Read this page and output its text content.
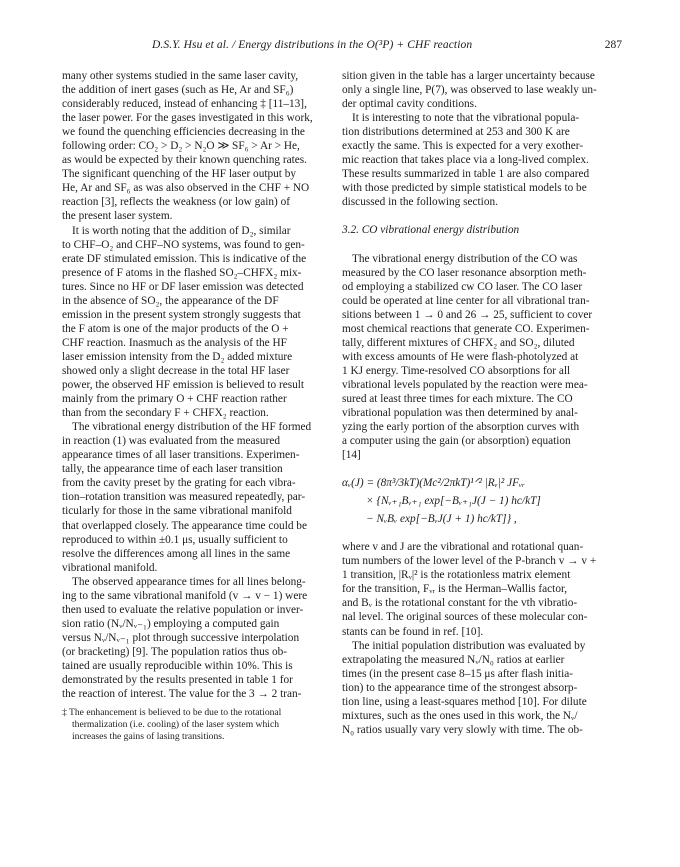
D.S.Y. Hsu et al. / Energy distributions in the O(³P) + CHF reaction	287
many other systems studied in the same laser cavity,
the addition of inert gases (such as He, Ar and SF₆)
considerably reduced, instead of enhancing ‡ [11–13],
the laser power. For the gases investigated in this work,
we found the quenching efficiencies decreasing in the
following order: CO₂ > D₂ > N₂O ≫ SF₆ > Ar > He,
as would be expected by their known quenching rates.
The significant quenching of the HF laser output by
He, Ar and SF₆ as was also observed in the CHF + NO
reaction [3], reflects the weakness (or low gain) of
the present laser system.
It is worth noting that the addition of D₂, similar
to CHF–O₂ and CHF–NO systems, was found to gen-
erate DF stimulated emission. This is indicative of the
presence of F atoms in the flashed SO₂–CHFX₂ mix-
tures. Since no HF or DF laser emission was detected
in the absence of SO₂, the appearance of the DF
emission in the present system strongly suggests that
the F atom is one of the major products of the O +
CHF reaction. Inasmuch as the analysis of the HF
laser emission intensity from the D₂ added mixture
showed only a slight decrease in the total HF laser
power, the observed HF emission is believed to result
mainly from the primary O + CHF reaction rather
than from the secondary F + CHFX₂ reaction.
The vibrational energy distribution of the HF formed
in reaction (1) was evaluated from the measured
appearance times of all laser transitions. Experimen-
tally, the appearance time of each laser transition
from the cavity preset by the grating for each vibra-
tion–rotation transition was measured repeatedly, par-
ticularly for those in the same vibrational manifold
that overlapped closely. The appearance time could be
reproduced to within ±0.1 μs, usually sufficient to
resolve the differences among all lines in the same
vibrational manifold.
The observed appearance times for all lines belong-
ing to the same vibrational manifold (v → v − 1) were
then used to evaluate the relative population or inver-
sion ratio (Nᵥ/Nᵥ₋₁) employing a computed gain
versus Nᵥ/Nᵥ₋₁ plot through successive interpolation
(or bracketing) [9]. The population ratios thus ob-
tained are usually reproducible within 10%. This is
demonstrated by the results presented in table 1 for
the reaction of interest. The value for the 3 → 2 tran-
‡ The enhancement is believed to be due to the rotational
thermalization (i.e. cooling) of the laser system which
increases the gains of lasing transitions.
sition given in the table has a larger uncertainty because
only a single line, P(7), was observed to lase weakly un-
der optimal cavity conditions.
It is interesting to note that the vibrational popula-
tion distributions determined at 253 and 300 K are
exactly the same. This is expected for a very exother-
mic reaction that takes place via a long-lived complex.
These results summarized in table 1 are also compared
with those predicted by simple statistical models to be
discussed in the following section.
3.2. CO vibrational energy distribution
The vibrational energy distribution of the CO was
measured by the CO laser resonance absorption meth-
od employing a stabilized cw CO laser. The CO laser
could be operated at line center for all vibrational tran-
sitions between 1 → 0 and 26 → 25, sufficient to cover
most chemical reactions that generate CO. Experimen-
tally, different mixtures of CHFX₂ and SO₂, diluted
with excess amounts of He were flash-photolyzed at
1 KJ energy. Time-resolved CO absorptions for all
vibrational levels populated by the reaction were mea-
sured at least three times for each mixture. The CO
vibrational population was then determined by anal-
yzing the early portion of the absorption curves with
a computer using the gain (or absorption) equation
[14]
αᵥ(J) = (8π³/3kT)(Mc²/2πkT)¹ᐟ² |Rᵥ|² JFᵥᵣ
× {Nᵥ₊₁Bᵥ₊₁ exp[−Bᵥ₊₁J(J − 1) hc/kT]
− NᵥBᵥ exp[−BᵥJ(J + 1) hc/kT]} ,
where v and J are the vibrational and rotational quan-
tum numbers of the lower level of the P-branch v → v +
1 transition, |Rᵥ|² is the rotationless matrix element
for the transition, Fᵥᵣ is the Herman–Wallis factor,
and Bᵥ is the rotational constant for the vth vibratio-
nal level. The original sources of these molecular con-
stants can be found in ref. [10].
The initial population distribution was evaluated by
extrapolating the measured Nᵥ/N₀ ratios at earlier
times (in the present case 8–15 μs after flash initia-
tion) to the appearance time of the strongest absorp-
tion line, using a least-squares method [10]. For dilute
mixtures, such as the ones used in this work, the Nᵥ/
N₀ ratios usually vary very slowly with time. The ob-
